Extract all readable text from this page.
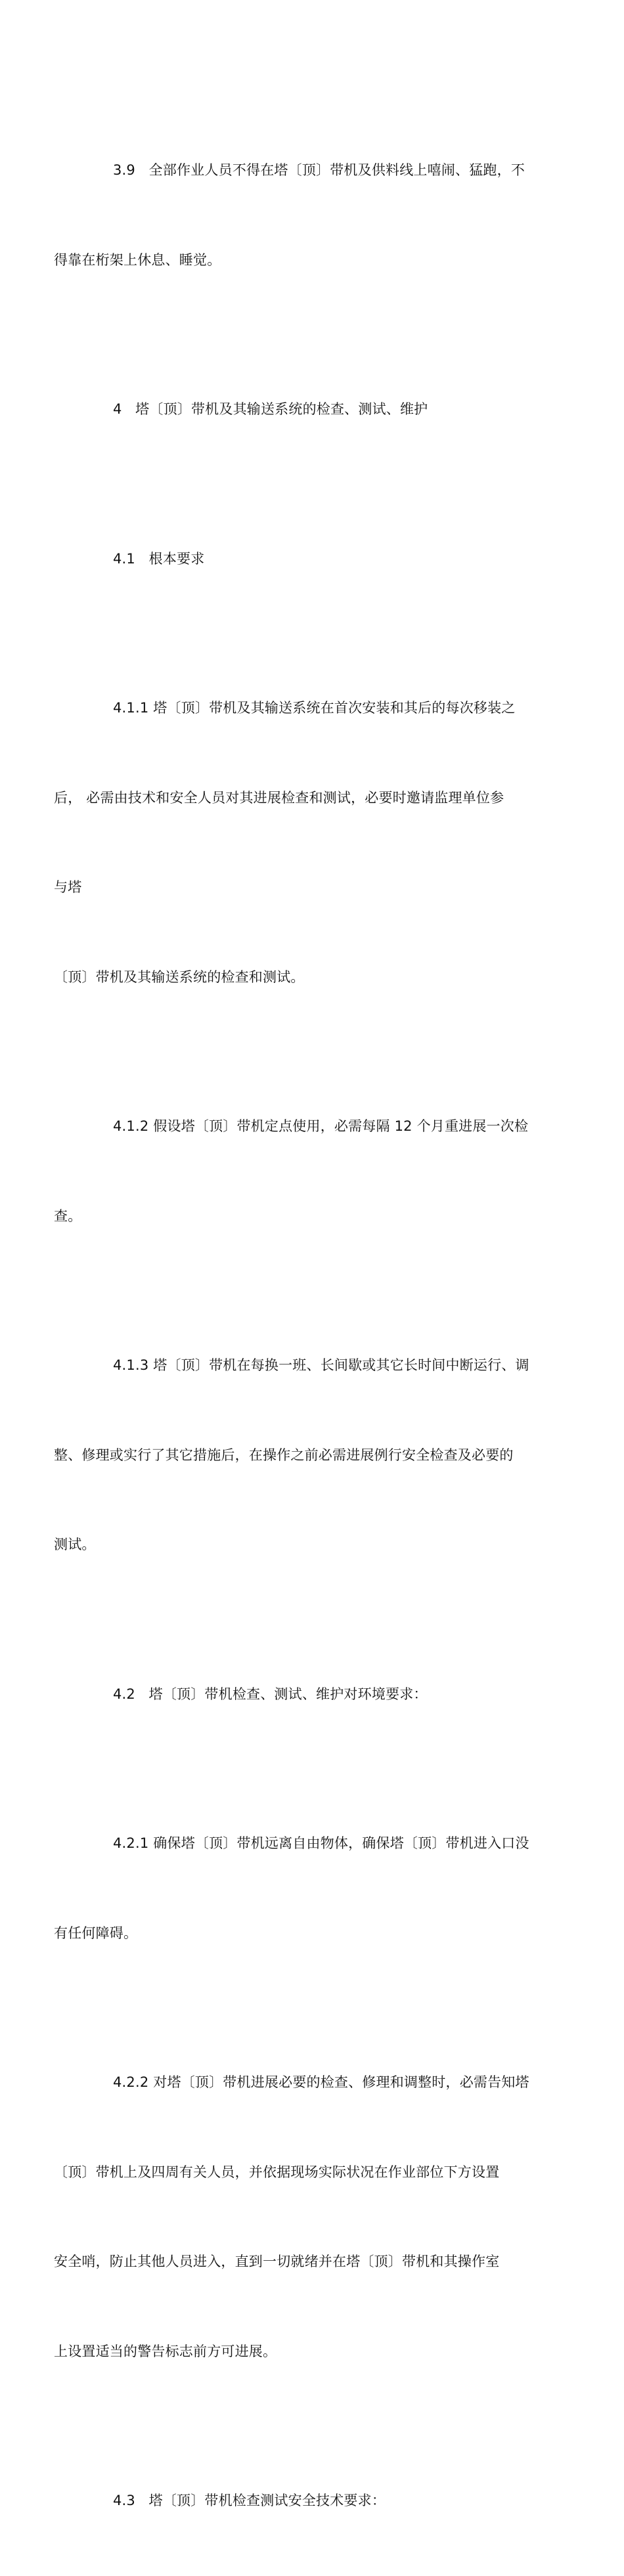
3.9   全部作业人员不得在塔〔顶〕带机及供料线上嘻闹、猛跑，不

得靠在桁架上休息、睡觉。

4   塔〔顶〕带机及其输送系统的检查、测试、维护

4.1   根本要求

4.1.1 塔〔顶〕带机及其输送系统在首次安装和其后的每次移装之

后， 必需由技术和安全人员对其进展检查和测试，必要时邀请监理单位参

与塔

〔顶〕带机及其输送系统的检查和测试。

4.1.2 假设塔〔顶〕带机定点使用，必需每隔 12 个月重进展一次检

查。

4.1.3 塔〔顶〕带机在每换一班、长间歇或其它长时间中断运行、调

整、修理或实行了其它措施后，在操作之前必需进展例行安全检查及必要的

测试。

4.2   塔〔顶〕带机检查、测试、维护对环境要求：

4.2.1 确保塔〔顶〕带机远离自由物体，确保塔〔顶〕带机进入口没

有任何障碍。

4.2.2 对塔〔顶〕带机进展必要的检查、修理和调整时，必需告知塔

〔顶〕带机上及四周有关人员，并依据现场实际状况在作业部位下方设置

安全哨，防止其他人员进入，直到一切就绪并在塔〔顶〕带机和其操作室

上设置适当的警告标志前方可进展。

4.3   塔〔顶〕带机检查测试安全技术要求：
